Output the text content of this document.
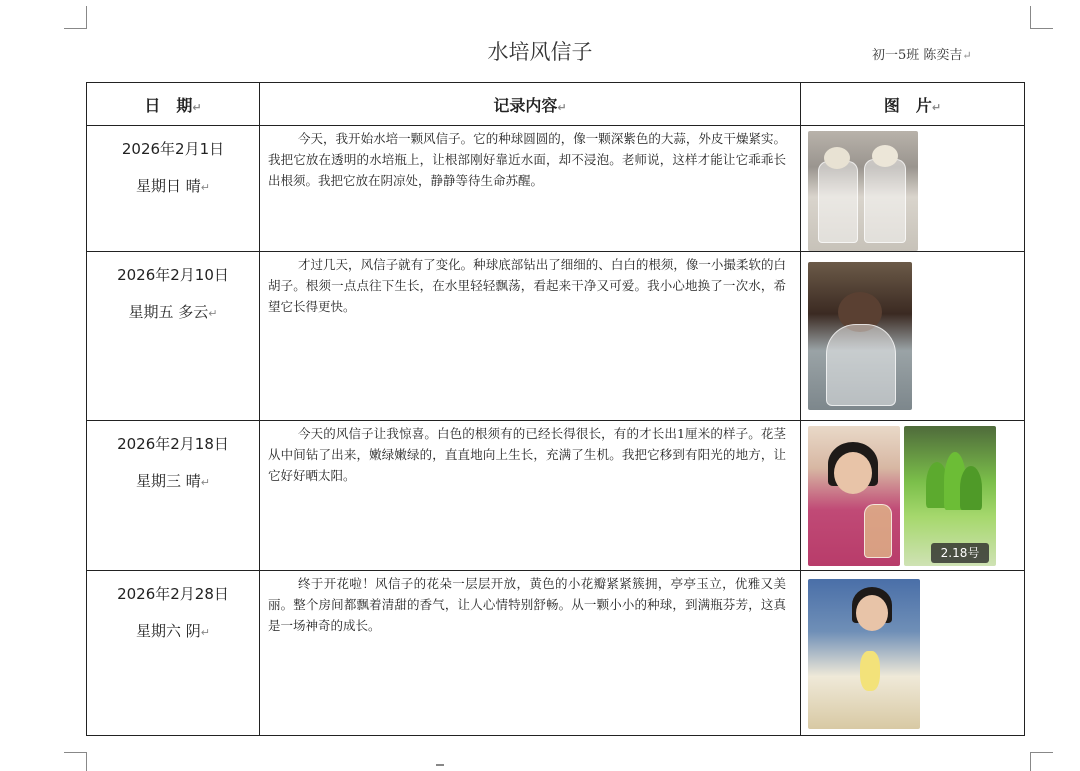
水培风信子	初一5班 陈奕吉↵
日　期↵	记录内容↵	图　片↵

2026年2月1日
星期日 晴↵	今天，我开始水培一颗风信子。它的种球圆圆的，像一颗深紫色的大蒜，外皮干燥紧实。我把它放在透明的水培瓶上，让根部刚好靠近水面，却不浸泡。老师说，这样才能让它乖乖长出根须。我把它放在阴凉处，静静等待生命苏醒。	

2026年2月10日
星期五 多云↵	才过几天，风信子就有了变化。种球底部钻出了细细的、白白的根须，像一小撮柔软的白胡子。根须一点点往下生长，在水里轻轻飘荡，看起来干净又可爱。我小心地换了一次水，希望它长得更快。	

2026年2月18日
星期三 晴↵	今天的风信子让我惊喜。白色的根须有的已经长得很长，有的才长出1厘米的样子。花茎从中间钻了出来，嫩绿嫩绿的，直直地向上生长，充满了生机。我把它移到有阳光的地方，让它好好晒太阳。	2.18号

2026年2月28日
星期六 阴↵	终于开花啦！风信子的花朵一层层开放，黄色的小花瓣紧紧簇拥，亭亭玉立，优雅又美丽。整个房间都飘着清甜的香气，让人心情特别舒畅。从一颗小小的种球，到满瓶芬芳，这真是一场神奇的成长。	
